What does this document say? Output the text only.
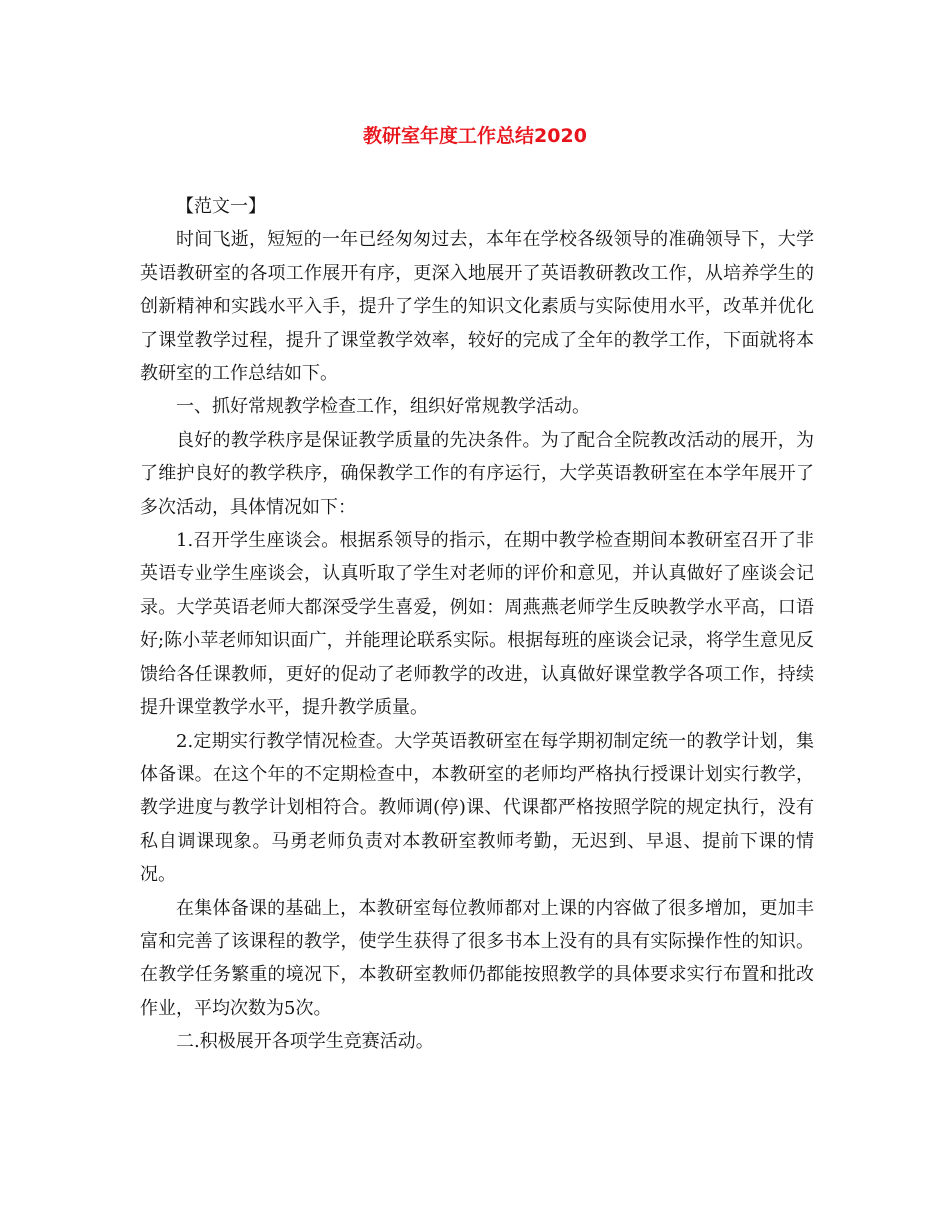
教研室年度工作总结2020

【范文一】

时间飞逝，短短的一年已经匆匆过去，本年在学校各级领导的准确领导下，大学英语教研室的各项工作展开有序，更深入地展开了英语教研教改工作，从培养学生的创新精神和实践水平入手，提升了学生的知识文化素质与实际使用水平，改革并优化了课堂教学过程，提升了课堂教学效率，较好的完成了全年的教学工作，下面就将本教研室的工作总结如下。

一、抓好常规教学检查工作，组织好常规教学活动。

良好的教学秩序是保证教学质量的先决条件。为了配合全院教改活动的展开，为了维护良好的教学秩序，确保教学工作的有序运行，大学英语教研室在本学年展开了多次活动，具体情况如下：

1.召开学生座谈会。根据系领导的指示，在期中教学检查期间本教研室召开了非英语专业学生座谈会，认真听取了学生对老师的评价和意见，并认真做好了座谈会记录。大学英语老师大都深受学生喜爱，例如：周燕燕老师学生反映教学水平高，口语好;陈小苹老师知识面广，并能理论联系实际。根据每班的座谈会记录，将学生意见反馈给各任课教师，更好的促动了老师教学的改进，认真做好课堂教学各项工作，持续提升课堂教学水平，提升教学质量。

2.定期实行教学情况检查。大学英语教研室在每学期初制定统一的教学计划，集体备课。在这个年的不定期检查中，本教研室的老师均严格执行授课计划实行教学，教学进度与教学计划相符合。教师调(停)课、代课都严格按照学院的规定执行，没有私自调课现象。马勇老师负责对本教研室教师考勤，无迟到、早退、提前下课的情况。

在集体备课的基础上，本教研室每位教师都对上课的内容做了很多增加，更加丰富和完善了该课程的教学，使学生获得了很多书本上没有的具有实际操作性的知识。在教学任务繁重的境况下，本教研室教师仍都能按照教学的具体要求实行布置和批改作业，平均次数为5次。

二.积极展开各项学生竞赛活动。
